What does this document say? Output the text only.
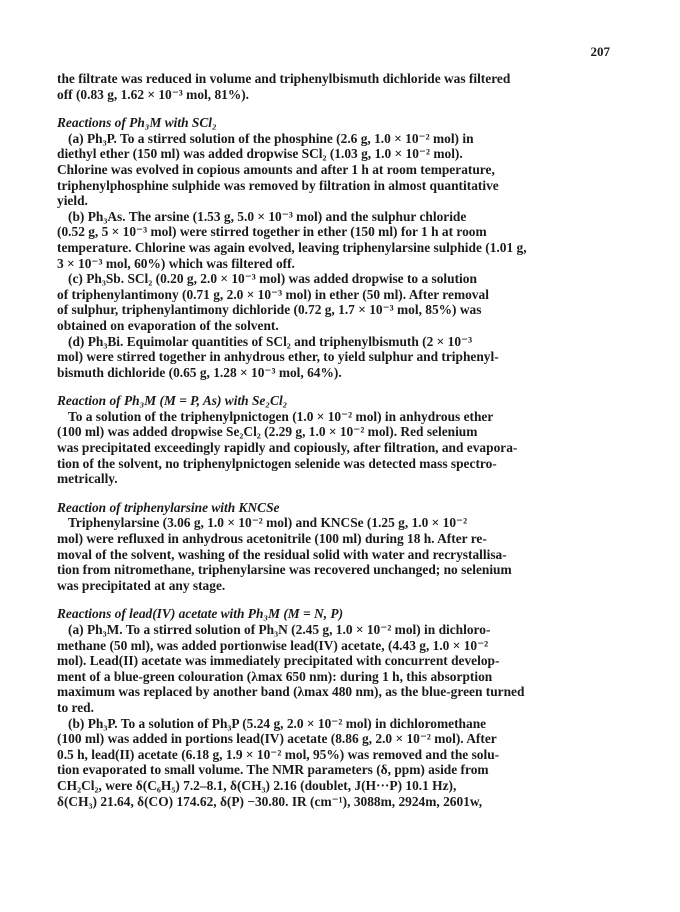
207

the filtrate was reduced in volume and triphenylbismuth dichloride was filtered
off (0.83 g, 1.62 × 10⁻³ mol, 81%).

Reactions of Ph₃M with SCl₂

(a) Ph₃P. To a stirred solution of the phosphine (2.6 g, 1.0 × 10⁻² mol) in
diethyl ether (150 ml) was added dropwise SCl₂ (1.03 g, 1.0 × 10⁻² mol).
Chlorine was evolved in copious amounts and after 1 h at room temperature,
triphenylphosphine sulphide was removed by filtration in almost quantitative
yield.

(b) Ph₃As. The arsine (1.53 g, 5.0 × 10⁻³ mol) and the sulphur chloride
(0.52 g, 5 × 10⁻³ mol) were stirred together in ether (150 ml) for 1 h at room
temperature. Chlorine was again evolved, leaving triphenylarsine sulphide (1.01 g,
3 × 10⁻³ mol, 60%) which was filtered off.

(c) Ph₃Sb. SCl₂ (0.20 g, 2.0 × 10⁻³ mol) was added dropwise to a solution
of triphenylantimony (0.71 g, 2.0 × 10⁻³ mol) in ether (50 ml). After removal
of sulphur, triphenylantimony dichloride (0.72 g, 1.7 × 10⁻³ mol, 85%) was
obtained on evaporation of the solvent.

(d) Ph₃Bi. Equimolar quantities of SCl₂ and triphenylbismuth (2 × 10⁻³
mol) were stirred together in anhydrous ether, to yield sulphur and triphenyl-
bismuth dichloride (0.65 g, 1.28 × 10⁻³ mol, 64%).

Reaction of Ph₃M (M = P, As) with Se₂Cl₂

To a solution of the triphenylpnictogen (1.0 × 10⁻² mol) in anhydrous ether
(100 ml) was added dropwise Se₂Cl₂ (2.29 g, 1.0 × 10⁻² mol). Red selenium
was precipitated exceedingly rapidly and copiously, after filtration, and evapora-
tion of the solvent, no triphenylpnictogen selenide was detected mass spectro-
metrically.

Reaction of triphenylarsine with KNCSe

Triphenylarsine (3.06 g, 1.0 × 10⁻² mol) and KNCSe (1.25 g, 1.0 × 10⁻²
mol) were refluxed in anhydrous acetonitrile (100 ml) during 18 h. After re-
moval of the solvent, washing of the residual solid with water and recrystallisa-
tion from nitromethane, triphenylarsine was recovered unchanged; no selenium
was precipitated at any stage.

Reactions of lead(IV) acetate with Ph₃M (M = N, P)

(a) Ph₃M. To a stirred solution of Ph₃N (2.45 g, 1.0 × 10⁻² mol) in dichloro-
methane (50 ml), was added portionwise lead(IV) acetate, (4.43 g, 1.0 × 10⁻²
mol). Lead(II) acetate was immediately precipitated with concurrent develop-
ment of a blue-green colouration (λmax 650 nm): during 1 h, this absorption
maximum was replaced by another band (λmax 480 nm), as the blue-green turned
to red.

(b) Ph₃P. To a solution of Ph₃P (5.24 g, 2.0 × 10⁻² mol) in dichloromethane
(100 ml) was added in portions lead(IV) acetate (8.86 g, 2.0 × 10⁻² mol). After
0.5 h, lead(II) acetate (6.18 g, 1.9 × 10⁻² mol, 95%) was removed and the solu-
tion evaporated to small volume. The NMR parameters (δ, ppm) aside from
CH₂Cl₂, were δ(C₆H₅) 7.2–8.1, δ(CH₃) 2.16 (doublet, J(H···P) 10.1 Hz),
δ(CH₃) 21.64, δ(CO) 174.62, δ(P) −30.80. IR (cm⁻¹), 3088m, 2924m, 2601w,
